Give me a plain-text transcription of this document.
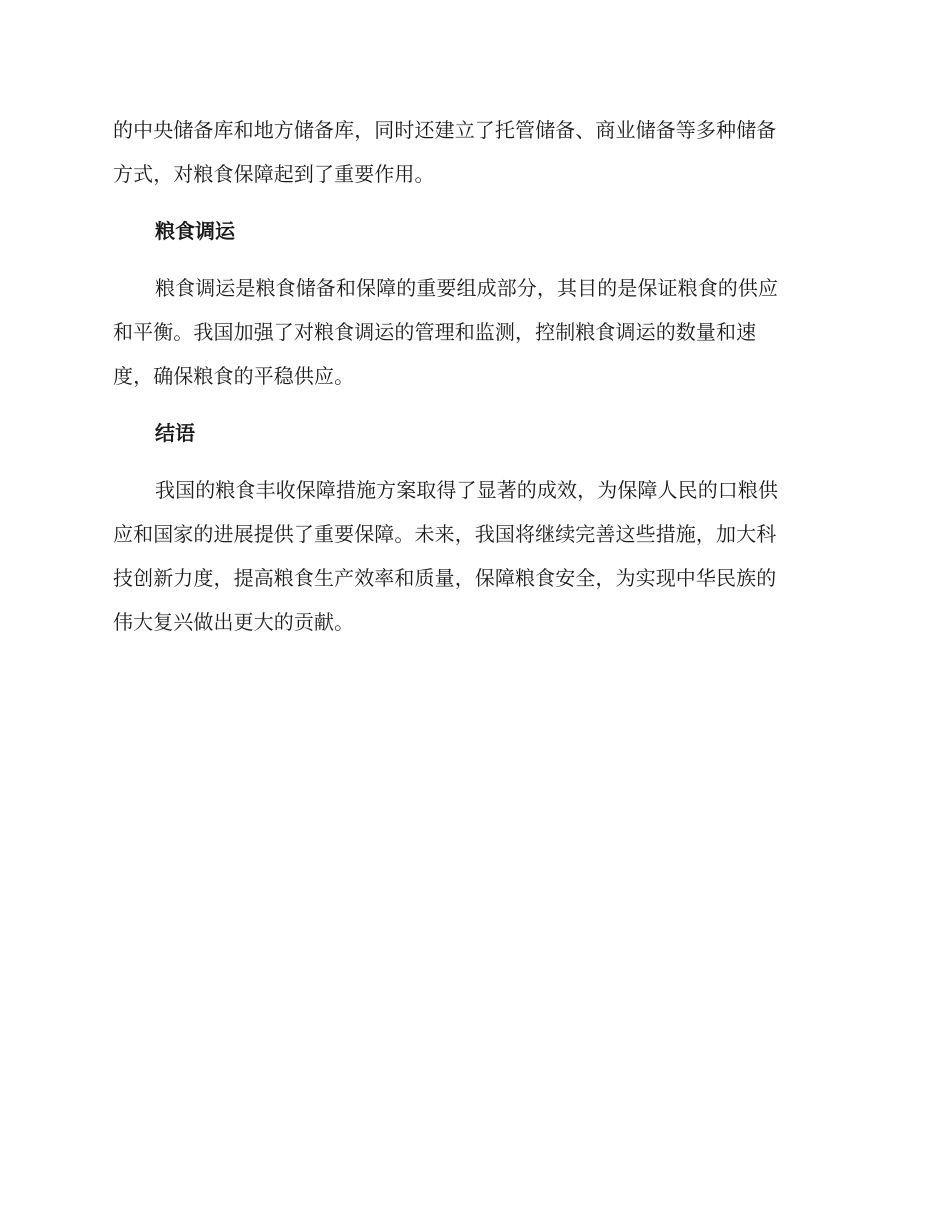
的中央储备库和地方储备库，同时还建立了托管储备、商业储备等多种储备
方式，对粮食保障起到了重要作用。
粮食调运
粮食调运是粮食储备和保障的重要组成部分，其目的是保证粮食的供应
和平衡。我国加强了对粮食调运的管理和监测，控制粮食调运的数量和速
度，确保粮食的平稳供应。
结语
我国的粮食丰收保障措施方案取得了显著的成效，为保障人民的口粮供
应和国家的进展提供了重要保障。未来，我国将继续完善这些措施，加大科
技创新力度，提高粮食生产效率和质量，保障粮食安全，为实现中华民族的
伟大复兴做出更大的贡献。
